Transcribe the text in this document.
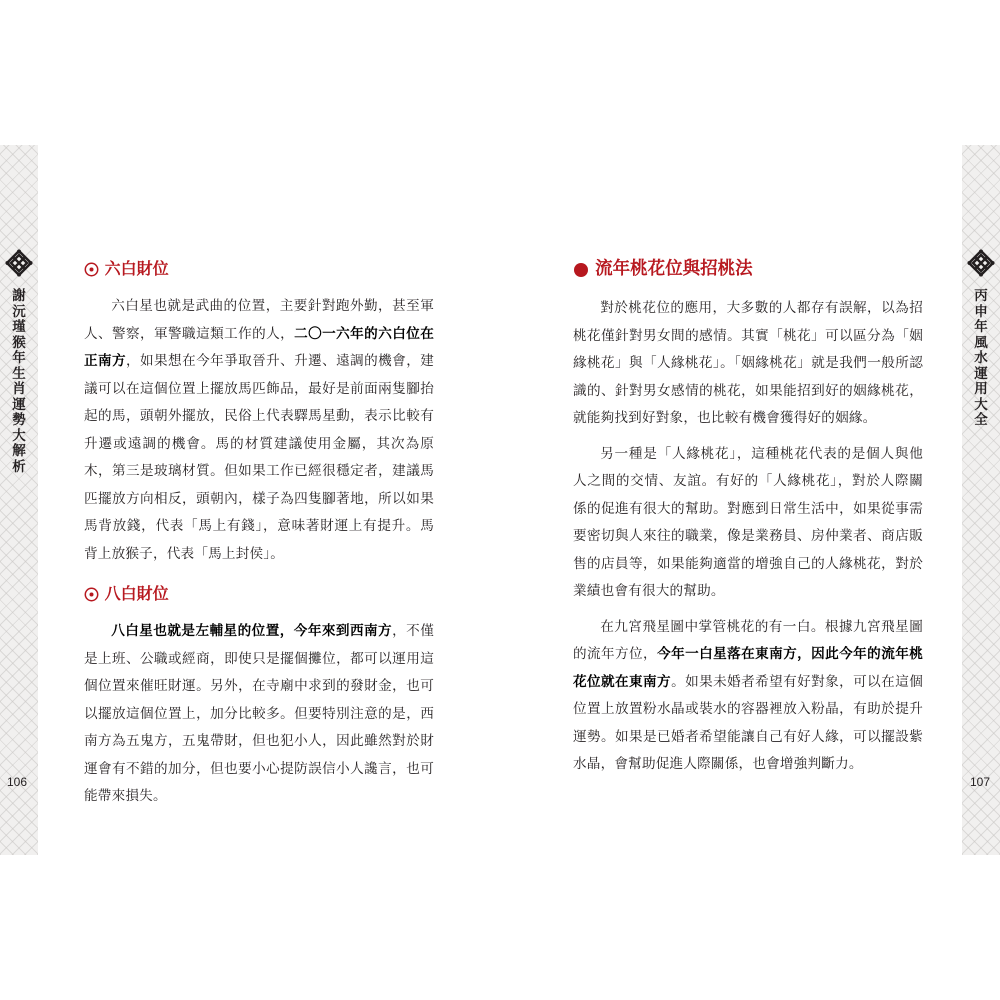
謝沅瑾猴年生肖運勢大解析
106
丙申年風水運用大全
107
六白財位

六白星也就是武曲的位置，主要針對跑外勤，甚至軍人、警察，軍警職這類工作的人，二〇一六年的六白位在正南方，如果想在今年爭取晉升、升遷、遠調的機會，建議可以在這個位置上擺放馬匹飾品，最好是前面兩隻腳抬起的馬，頭朝外擺放，民俗上代表驛馬星動，表示比較有升遷或遠調的機會。馬的材質建議使用金屬，其次為原木，第三是玻璃材質。但如果工作已經很穩定者，建議馬匹擺放方向相反，頭朝內，樣子為四隻腳著地，所以如果馬背放錢，代表「馬上有錢」，意味著財運上有提升。馬背上放猴子，代表「馬上封侯」。

八白財位

八白星也就是左輔星的位置，今年來到西南方，不僅是上班、公職或經商，即使只是擺個攤位，都可以運用這個位置來催旺財運。另外，在寺廟中求到的發財金，也可以擺放這個位置上，加分比較多。但要特別注意的是，西南方為五鬼方，五鬼帶財，但也犯小人，因此雖然對於財運會有不錯的加分，但也要小心提防誤信小人讒言，也可能帶來損失。

流年桃花位與招桃法

對於桃花位的應用，大多數的人都存有誤解，以為招桃花僅針對男女間的感情。其實「桃花」可以區分為「姻緣桃花」與「人緣桃花」。「姻緣桃花」就是我們一般所認識的、針對男女感情的桃花，如果能招到好的姻緣桃花，就能夠找到好對象，也比較有機會獲得好的姻緣。

另一種是「人緣桃花」，這種桃花代表的是個人與他人之間的交情、友誼。有好的「人緣桃花」，對於人際關係的促進有很大的幫助。對應到日常生活中，如果從事需要密切與人來往的職業，像是業務員、房仲業者、商店販售的店員等，如果能夠適當的增強自己的人緣桃花，對於業績也會有很大的幫助。

在九宮飛星圖中掌管桃花的有一白。根據九宮飛星圖的流年方位，今年一白星落在東南方，因此今年的流年桃花位就在東南方。如果未婚者希望有好對象，可以在這個位置上放置粉水晶或裝水的容器裡放入粉晶，有助於提升運勢。如果是已婚者希望能讓自己有好人緣，可以擺設紫水晶，會幫助促進人際關係，也會增強判斷力。
